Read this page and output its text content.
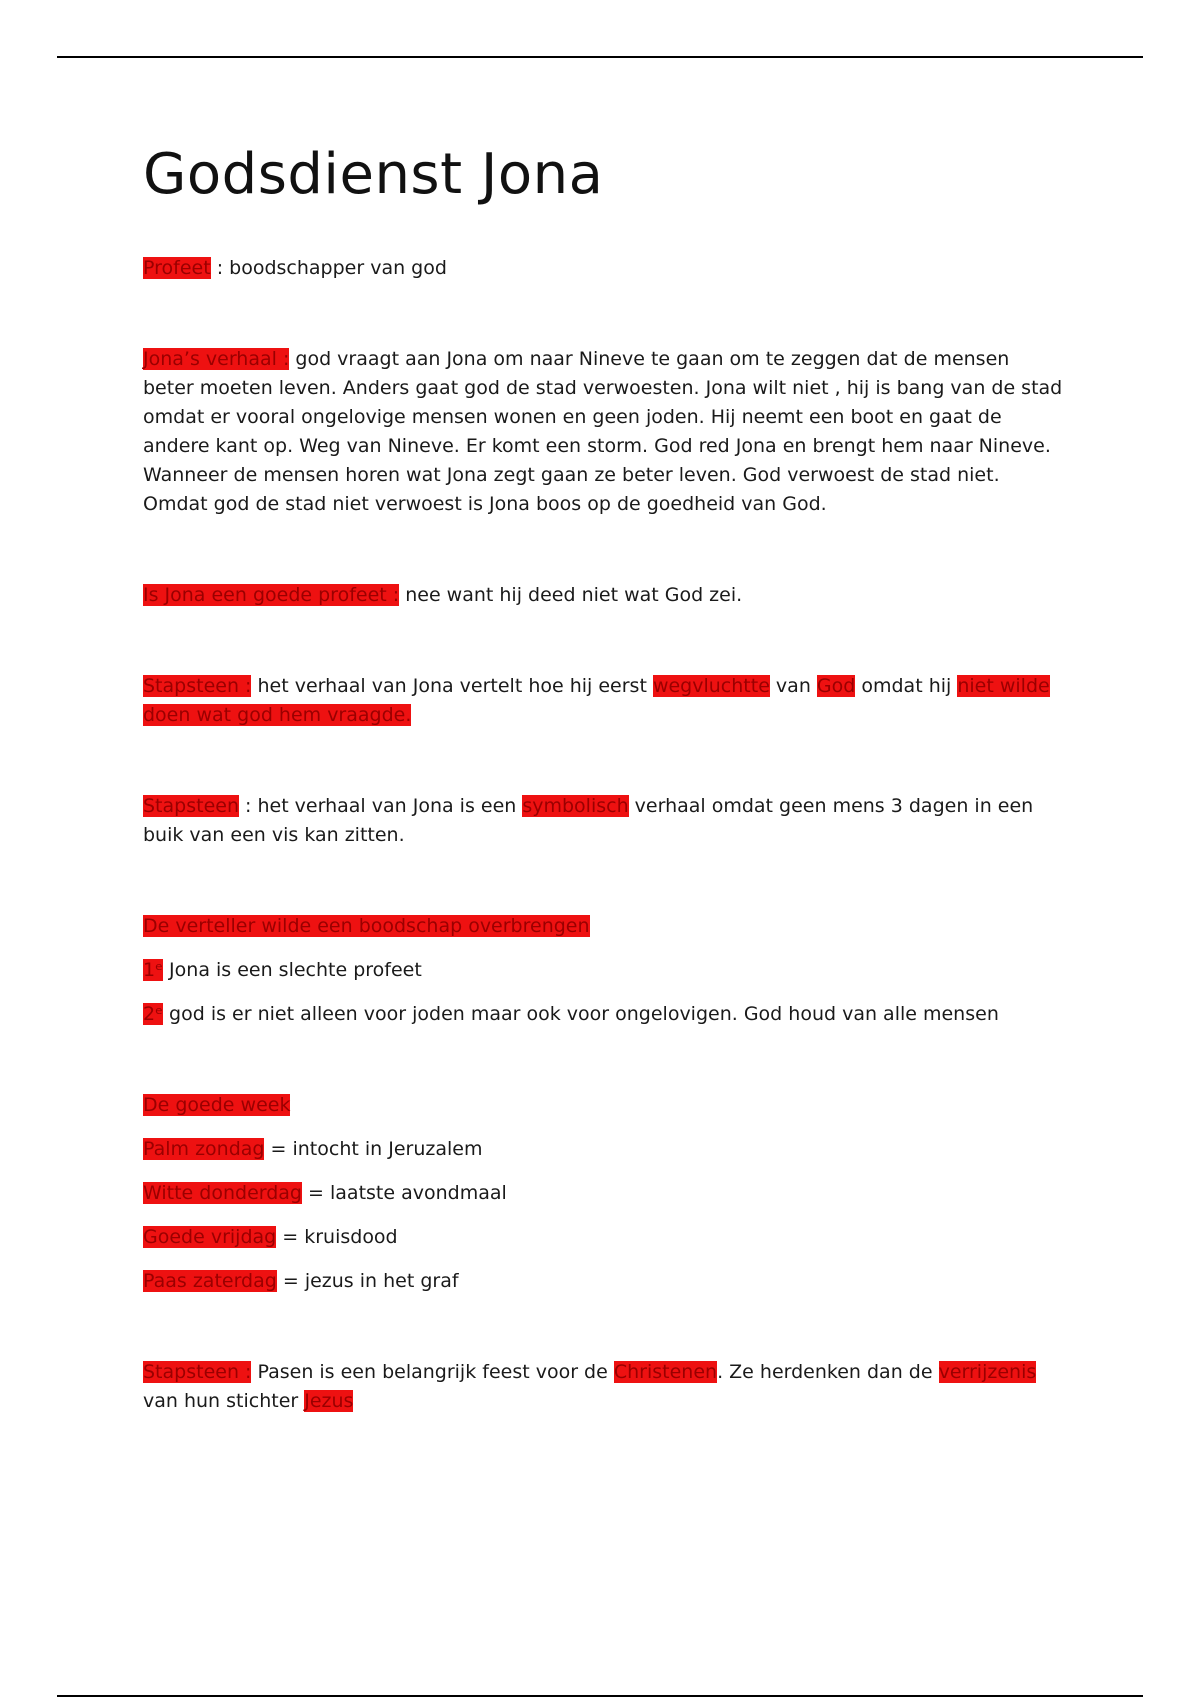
Godsdienst Jona

Profeet : boodschapper van god

Jona’s verhaal : god vraagt aan Jona om naar Nineve te gaan om te zeggen dat de mensen beter moeten leven. Anders gaat god de stad verwoesten. Jona wilt niet , hij is bang van de stad omdat er vooral ongelovige mensen wonen en geen joden. Hij neemt een boot en gaat de andere kant op. Weg van Nineve. Er komt een storm. God red Jona en brengt hem naar Nineve. Wanneer de mensen horen wat Jona zegt gaan ze beter leven. God verwoest de stad niet. Omdat god de stad niet verwoest is Jona boos op de goedheid van God.

Is Jona een goede profeet : nee want hij deed niet wat God zei.

Stapsteen : het verhaal van Jona vertelt hoe hij eerst wegvluchtte van God omdat hij niet wilde doen wat god hem vraagde.

Stapsteen : het verhaal van Jona is een symbolisch verhaal omdat geen mens 3 dagen in een buik van een vis kan zitten.

De verteller wilde een boodschap overbrengen

1ᵉ Jona is een slechte profeet

2ᵉ god is er niet alleen voor joden maar ook voor ongelovigen. God houd van alle mensen

De goede week

Palm zondag = intocht in Jeruzalem

Witte donderdag = laatste avondmaal

Goede vrijdag = kruisdood

Paas zaterdag = jezus in het graf

Stapsteen : Pasen is een belangrijk feest voor de Christenen. Ze herdenken dan de verrijzenis van hun stichter Jezus
